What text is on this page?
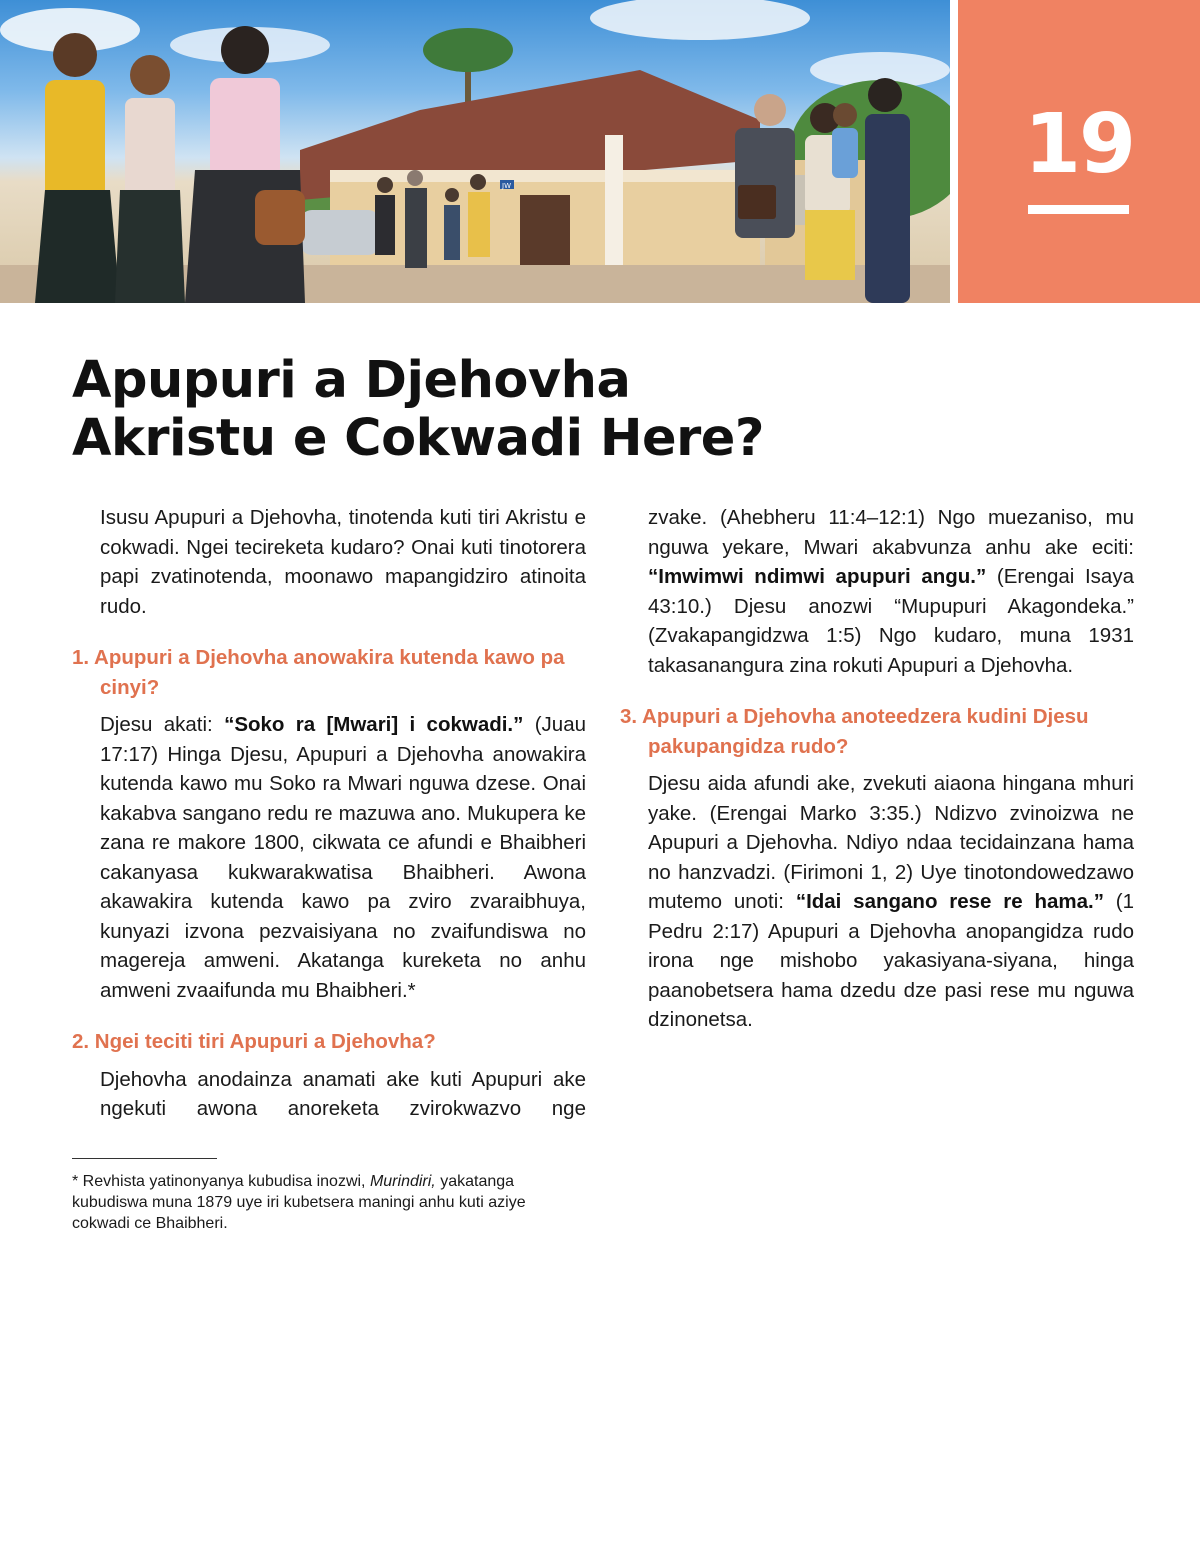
JW	19
Apupuri a Djehovha
Akristu e Cokwadi Here?

Isusu Apupuri a Djehovha, tinotenda kuti tiri Akristu e cokwadi. Ngei tecireketa kudaro? Onai kuti tinotorera papi zvatinotenda, moonawo mapangidziro atinoita rudo.

1. Apupuri a Djehovha anowakira kutenda kawo pa cinyi?

Djesu akati: “Soko ra [Mwari] i cokwadi.” (Juau 17:17) Hinga Djesu, Apupuri a Djehovha anowakira kutenda kawo mu Soko ra Mwari nguwa dzese. Onai kakabva sangano redu re mazuwa ano. Mukupera ke zana re makore 1800, cikwata ce afundi e Bhaibheri cakanyasa kukwarakwatisa Bhaibheri. Awona akawakira kutenda kawo pa zviro zvaraibhuya, kunyazi izvona pezvaisiyana no zvaifundiswa no magereja amweni. Akatanga kureketa no anhu amweni zvaaifunda mu Bhaibheri.*

2. Ngei teciti tiri Apupuri a Djehovha?

Djehovha anodainza anamati ake kuti Apupuri ake ngekuti awona anoreketa zvirokwazvo nge

* Revhista yatinonyanya kubudisa inozwi, Murindiri, yakatanga kubudiswa muna 1879 uye iri kubetsera maningi anhu kuti aziye cokwadi ce Bhaibheri.

zvake. (Ahebheru 11:4–12:1) Ngo muezaniso, mu nguwa yekare, Mwari akabvunza anhu ake eciti: “Imwimwi ndimwi apupuri angu.” (Erengai Isaya 43:10.) Djesu anozwi “Mupupuri Akagondeka.” (Zvakapangidzwa 1:5) Ngo kudaro, muna 1931 takasanangura zina rokuti Apupuri a Djehovha.

3. Apupuri a Djehovha anoteedzera kudini Djesu pakupangidza rudo?

Djesu aida afundi ake, zvekuti aiaona hingana mhuri yake. (Erengai Marko 3:35.) Ndizvo zvinoizwa ne Apupuri a Djehovha. Ndiyo ndaa tecidainzana hama no hanzvadzi. (Firimoni 1, 2) Uye tinotondowedzawo mutemo unoti: “Idai sangano rese re hama.” (1 Pedru 2:17) Apupuri a Djehovha anopangidza rudo irona nge mishobo yakasiyana-siyana, hinga paanobetsera hama dzedu dze pasi rese mu nguwa dzinonetsa.
